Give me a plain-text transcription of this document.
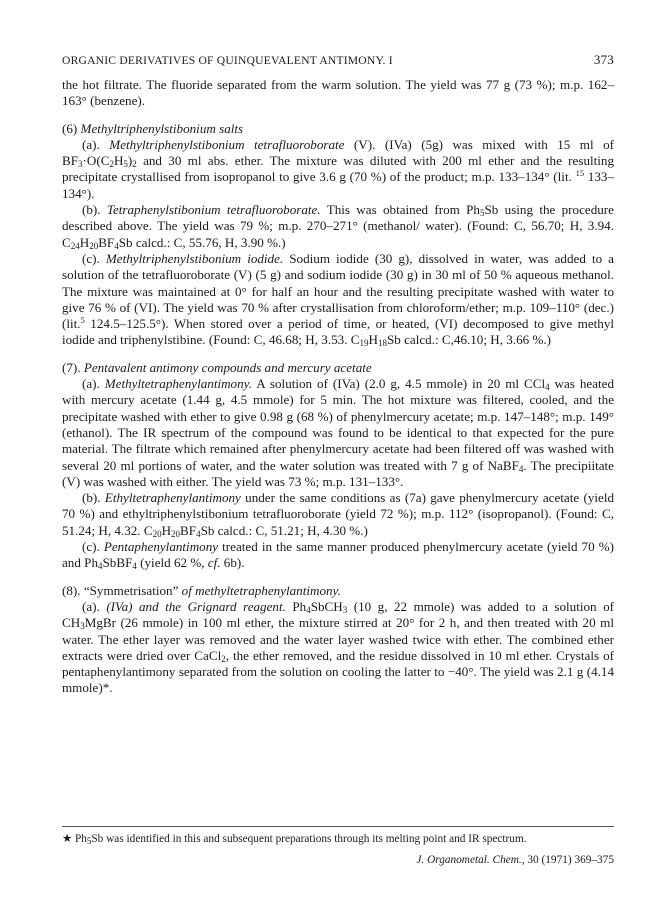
ORGANIC DERIVATIVES OF QUINQUEVALENT ANTIMONY. I	373

the hot filtrate. The fluoride separated from the warm solution. The yield was 77 g (73 %); m.p. 162–163° (benzene).

(6) Methyltriphenylstibonium salts

(a). Methyltriphenylstibonium tetrafluoroborate (V). (IVa) (5g) was mixed with 15 ml of $BF_3\cdot O(C_2H_5)_2$ and 30 ml abs. ether. The mixture was diluted with 200 ml ether and the resulting precipitate crystallised from isopropanol to give 3.6 g (70 %) of the product; m.p. 133–134° (lit. $^{15}$ 133–134°).

(b). Tetraphenylstibonium tetrafluoroborate. This was obtained from $Ph_5Sb$ using the procedure described above. The yield was 79 %; m.p. 270–271° (methanol/ water). (Found: C, 56.70; H, 3.94. $C_{24}H_{20}BF_4Sb$ calcd.: C, 55.76, H, 3.90 %.)

(c). Methyltriphenylstibonium iodide. Sodium iodide (30 g), dissolved in water, was added to a solution of the tetrafluoroborate (V) (5 g) and sodium iodide (30 g) in 30 ml of 50 % aqueous methanol. The mixture was maintained at 0° for half an hour and the resulting precipitate washed with water to give 76 % of (VI). The yield was 70 % after crystallisation from chloroform/ether; m.p. 109–110° (dec.) (lit.$^5$ 124.5–125.5°). When stored over a period of time, or heated, (VI) decomposed to give methyl iodide and triphenylstibine. (Found: C, 46.68; H, 3.53. $C_{19}H_{18}Sb$ calcd.: C,46.10; H, 3.66 %.)

(7). Pentavalent antimony compounds and mercury acetate

(a). Methyltetraphenylantimony. A solution of (IVa) (2.0 g, 4.5 mmole) in 20 ml CCl$_4$ was heated with mercury acetate (1.44 g, 4.5 mmole) for 5 min. The hot mixture was filtered, cooled, and the precipitate washed with ether to give 0.98 g (68 %) of phenylmercury acetate; m.p. 147–148°; m.p. 149° (ethanol). The IR spectrum of the compound was found to be identical to that expected for the pure material. The filtrate which remained after phenylmercury acetate had been filtered off was washed with several 20 ml portions of water, and the water solution was treated with 7 g of NaBF$_4$. The precipiitate (V) was washed with either. The yield was 73 %; m.p. 131–133°.

(b). Ethyltetraphenylantimony under the same conditions as (7a) gave phenylmercury acetate (yield 70 %) and ethyltriphenylstibonium tetrafluoroborate (yield 72 %); m.p. 112° (isopropanol). (Found: C, 51.24; H, 4.32. $C_{20}H_{20}BF_4Sb$ calcd.: C, 51.21; H, 4.30 %.)

(c). Pentaphenylantimony treated in the same manner produced phenylmercury acetate (yield 70 %) and $Ph_4SbBF_4$ (yield 62 %, cf. 6b).

(8). “Symmetrisation” of methyltetraphenylantimony.

(a). (IVa) and the Grignard reagent. $Ph_4SbCH_3$ (10 g, 22 mmole) was added to a solution of $CH_3MgBr$ (26 mmole) in 100 ml ether, the mixture stirred at 20° for 2 h, and then treated with 20 ml water. The ether layer was removed and the water layer washed twice with ether. The combined ether extracts were dried over CaCl$_2$, the ether removed, and the residue dissolved in 10 ml ether. Crystals of pentaphenylantimony separated from the solution on cooling the latter to −40°. The yield was 2.1 g (4.14 mmole)*.

★ $Ph_5Sb$ was identified in this and subsequent preparations through its melting point and IR spectrum.
J. Organometal. Chem., 30 (1971) 369–375
